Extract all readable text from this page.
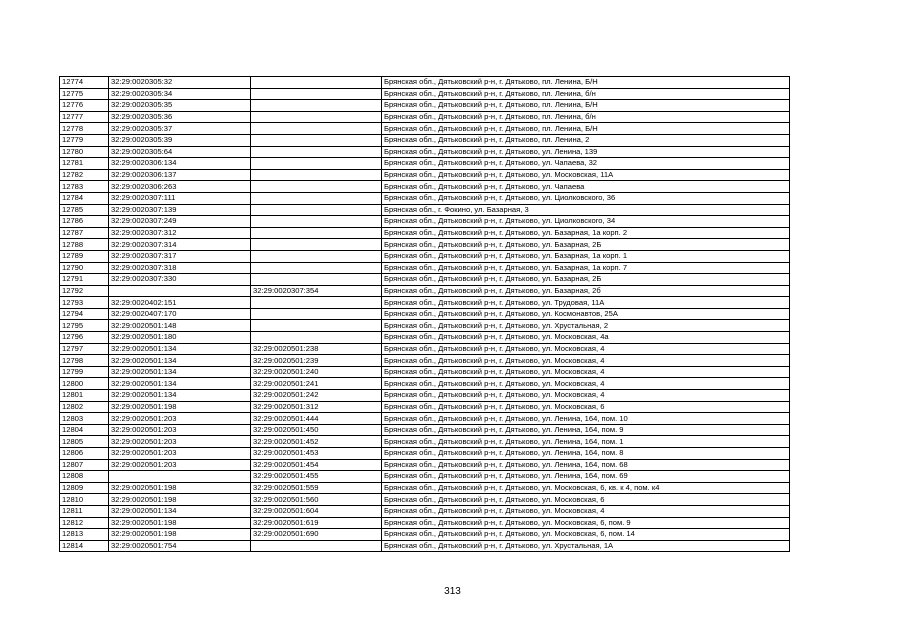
12774	32:29:0020305:32		Брянская обл., Дятьковский р-н, г. Дятьково, пл. Ленина, Б/Н
12775	32:29:0020305:34		Брянская обл., Дятьковский р-н, г. Дятьково, пл. Ленина, б/н
12776	32:29:0020305:35		Брянская обл., Дятьковский р-н, г. Дятьково, пл. Ленина, Б/Н
12777	32:29:0020305:36		Брянская обл., Дятьковский р-н, г. Дятьково, пл. Ленина, б/н
12778	32:29:0020305:37		Брянская обл., Дятьковский р-н, г. Дятьково, пл. Ленина, Б/Н
12779	32:29:0020305:39		Брянская обл., Дятьковский р-н, г. Дятьково, пл. Ленина, 2
12780	32:29:0020305:64		Брянская обл., Дятьковский р-н, г. Дятьково, ул. Ленина, 139
12781	32:29:0020306:134		Брянская обл., Дятьковский р-н, г. Дятьково, ул. Чапаева, 32
12782	32:29:0020306:137		Брянская обл., Дятьковский р-н, г. Дятьково, ул. Московская, 11А
12783	32:29:0020306:263		Брянская обл., Дятьковский р-н, г. Дятьково, ул. Чапаева
12784	32:29:0020307:111		Брянская обл., Дятьковский р-н, г. Дятьково, ул. Циолковского, 36
12785	32:29:0020307:139		Брянская обл., г. Фокино, ул. Базарная, 3
12786	32:29:0020307:249		Брянская обл., Дятьковский р-н, г. Дятьково, ул. Циолковского, 34
12787	32:29:0020307:312		Брянская обл., Дятьковский р-н, г. Дятьково, ул. Базарная, 1а корп. 2
12788	32:29:0020307:314		Брянская обл., Дятьковский р-н, г. Дятьково, ул. Базарная, 2Б
12789	32:29:0020307:317		Брянская обл., Дятьковский р-н, г. Дятьково, ул. Базарная, 1а корп. 1
12790	32:29:0020307:318		Брянская обл., Дятьковский р-н, г. Дятьково, ул. Базарная, 1а корп. 7
12791	32:29:0020307:330		Брянская обл., Дятьковский р-н, г. Дятьково, ул. Базарная, 2Б
12792		32:29:0020307:354	Брянская обл., Дятьковский р-н, г. Дятьково, ул. Базарная, 2б
12793	32:29:0020402:151		Брянская обл., Дятьковский р-н, г. Дятьково, ул. Трудовая, 11А
12794	32:29:0020407:170		Брянская обл., Дятьковский р-н, г. Дятьково, ул. Космонавтов, 25А
12795	32:29:0020501:148		Брянская обл., Дятьковский р-н, г. Дятьково, ул. Хрустальная, 2
12796	32:29:0020501:180		Брянская обл., Дятьковский р-н, г. Дятьково, ул. Московская, 4а
12797	32:29:0020501:134	32:29:0020501:238	Брянская обл., Дятьковский р-н, г. Дятьково, ул. Московская, 4
12798	32:29:0020501:134	32:29:0020501:239	Брянская обл., Дятьковский р-н, г. Дятьково, ул. Московская, 4
12799	32:29:0020501:134	32:29:0020501:240	Брянская обл., Дятьковский р-н, г. Дятьково, ул. Московская, 4
12800	32:29:0020501:134	32:29:0020501:241	Брянская обл., Дятьковский р-н, г. Дятьково, ул. Московская, 4
12801	32:29:0020501:134	32:29:0020501:242	Брянская обл., Дятьковский р-н, г. Дятьково, ул. Московская, 4
12802	32:29:0020501:198	32:29:0020501:312	Брянская обл., Дятьковский р-н, г. Дятьково, ул. Московская, 6
12803	32:29:0020501:203	32:29:0020501:444	Брянская обл., Дятьковский р-н, г. Дятьково, ул. Ленина, 164, пом. 10
12804	32:29:0020501:203	32:29:0020501:450	Брянская обл., Дятьковский р-н, г. Дятьково, ул. Ленина, 164, пом. 9
12805	32:29:0020501:203	32:29:0020501:452	Брянская обл., Дятьковский р-н, г. Дятьково, ул. Ленина, 164, пом. 1
12806	32:29:0020501:203	32:29:0020501:453	Брянская обл., Дятьковский р-н, г. Дятьково, ул. Ленина, 164, пом. 8
12807	32:29:0020501:203	32:29:0020501:454	Брянская обл., Дятьковский р-н, г. Дятьково, ул. Ленина, 164, пом. 68
12808		32:29:0020501:455	Брянская обл., Дятьковский р-н, г. Дятьково, ул. Ленина, 164, пом. 69
12809	32:29:0020501:198	32:29:0020501:559	Брянская обл., Дятьковский р-н, г. Дятьково, ул. Московская, 6, кв. к 4, пом. к4
12810	32:29:0020501:198	32:29:0020501:560	Брянская обл., Дятьковский р-н, г. Дятьково, ул. Московская, 6
12811	32:29:0020501:134	32:29:0020501:604	Брянская обл., Дятьковский р-н, г. Дятьково, ул. Московская, 4
12812	32:29:0020501:198	32:29:0020501:619	Брянская обл., Дятьковский р-н, г. Дятьково, ул. Московская, 6, пом. 9
12813	32:29:0020501:198	32:29:0020501:690	Брянская обл., Дятьковский р-н, г. Дятьково, ул. Московская, 6, пом. 14
12814	32:29:0020501:754		Брянская обл., Дятьковский р-н, г. Дятьково, ул. Хрустальная, 1А
313
